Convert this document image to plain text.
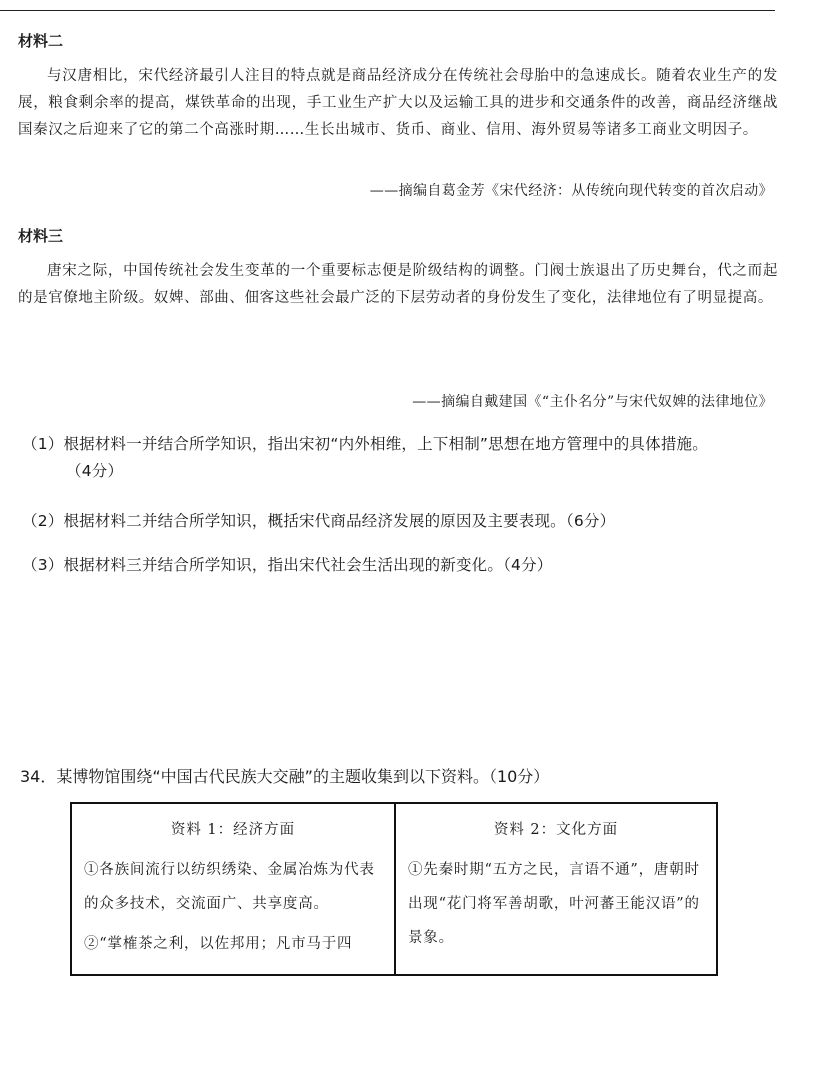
材料二
与汉唐相比，宋代经济最引人注目的特点就是商品经济成分在传统社会母胎中的急速成长。随着农业生产的发展，粮食剩余率的提高，煤铁革命的出现，手工业生产扩大以及运输工具的进步和交通条件的改善，商品经济继战国秦汉之后迎来了它的第二个高涨时期……生长出城市、货币、商业、信用、海外贸易等诸多工商业文明因子。
——摘编自葛金芳《宋代经济：从传统向现代转变的首次启动》
材料三
唐宋之际，中国传统社会发生变革的一个重要标志便是阶级结构的调整。门阀士族退出了历史舞台，代之而起的是官僚地主阶级。奴婢、部曲、佃客这些社会最广泛的下层劳动者的身份发生了变化，法律地位有了明显提高。
——摘编自戴建国《“主仆名分”与宋代奴婢的法律地位》
（1）根据材料一并结合所学知识，指出宋初“内外相维，上下相制”思想在地方管理中的具体措施。
（4分）
（2）根据材料二并结合所学知识，概括宋代商品经济发展的原因及主要表现。（6分）
（3）根据材料三并结合所学知识，指出宋代社会生活出现的新变化。（4分）
34．某博物馆围绕“中国古代民族大交融”的主题收集到以下资料。（10分）
资料 1：经济方面
①各族间流行以纺织绣染、金属冶炼为代表的众多技术，交流面广、共享度高。
②“掌榷茶之利，以佐邦用；凡市马于四
资料 2：文化方面
①先秦时期“五方之民，言语不通”，唐朝时出现“花门将军善胡歌，叶河蕃王能汉语”的景象。
